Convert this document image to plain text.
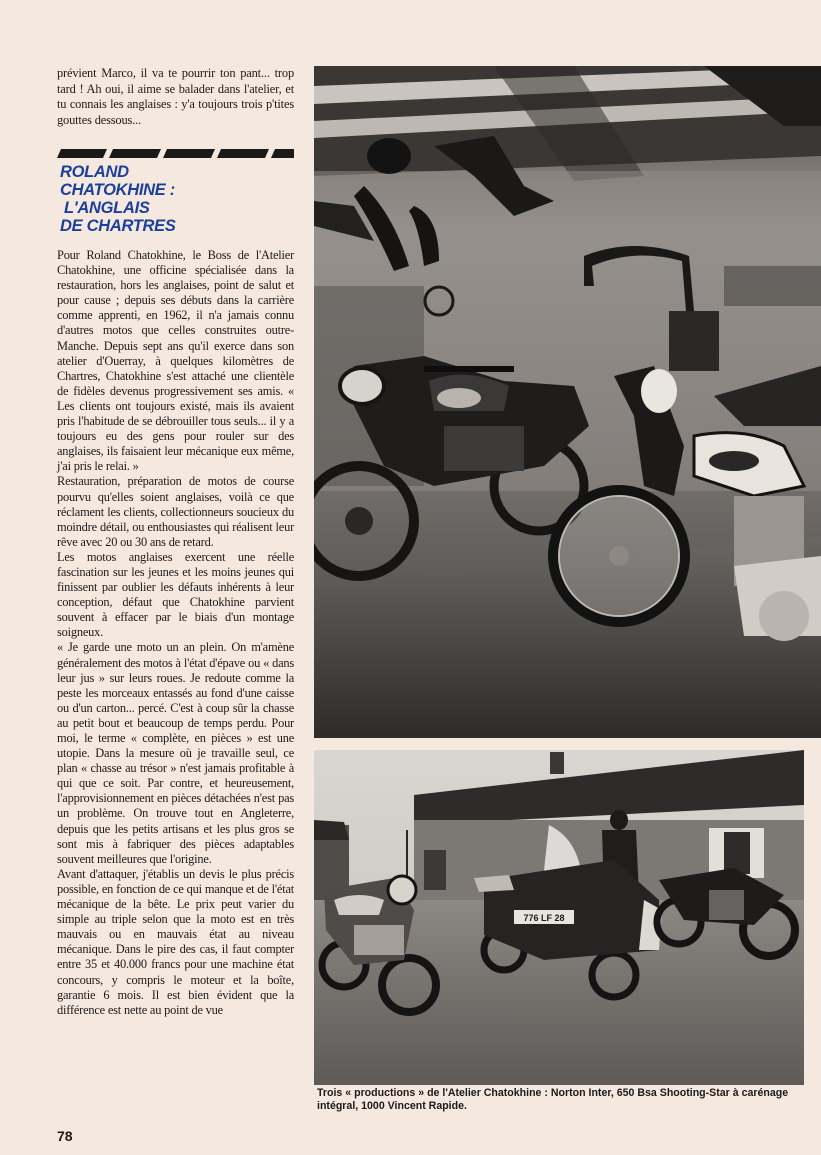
prévient Marco, il va te pourrir ton pant... trop tard ! Ah oui, il aime se balader dans l'atelier, et tu connais les anglaises : y'a toujours trois p'tites gouttes dessous...

ROLAND
CHATOKHINE :
L'ANGLAIS
DE CHARTRES

Pour Roland Chatokhine, le Boss de l'Atelier Chatokhine, une officine spécialisée dans la restauration, hors les anglaises, point de salut et pour cause ; depuis ses débuts dans la carrière comme apprenti, en 1962, il n'a jamais connu d'autres motos que celles construites outre-Manche. Depuis sept ans qu'il exerce dans son atelier d'Ouerray, à quelques kilomètres de Chartres, Chatokhine s'est attaché une clientèle de fidèles devenus progressivement ses amis. « Les clients ont toujours existé, mais ils avaient pris l'habitude de se débrouiller tous seuls... il y a toujours eu des gens pour rouler sur des anglaises, ils faisaient leur mécanique eux même, j'ai pris le relai. »

Restauration, préparation de motos de course pourvu qu'elles soient anglaises, voilà ce que réclament les clients, collectionneurs soucieux du moindre détail, ou enthousiastes qui réalisent leur rêve avec 20 ou 30 ans de retard.

Les motos anglaises exercent une réelle fascination sur les jeunes et les moins jeunes qui finissent par oublier les défauts inhérents à leur conception, défaut que Chatokhine parvient souvent à effacer par le biais d'un montage soigneux.

« Je garde une moto un an plein. On m'amène généralement des motos à l'état d'épave ou « dans leur jus » sur leurs roues. Je redoute comme la peste les morceaux entassés au fond d'une caisse ou d'un carton... percé. C'est à coup sûr la chasse au petit bout et beaucoup de temps perdu. Pour moi, le terme « complète, en pièces » est une utopie. Dans la mesure où je travaille seul, ce plan « chasse au trésor » n'est jamais profitable à qui que ce soit. Par contre, et heureusement, l'approvisionnement en pièces détachées n'est pas un problème. On trouve tout en Angleterre, depuis que les petits artisans et les plus gros se sont mis à fabriquer des pièces adaptables souvent meilleures que l'origine.

Avant d'attaquer, j'établis un devis le plus précis possible, en fonction de ce qui manque et de l'état mécanique de la bête. Le prix peut varier du simple au triple selon que la moto est en très mauvais ou en mauvais état au niveau mécanique. Dans le pire des cas, il faut compter entre 35 et 40.000 francs pour une machine état concours, y compris le moteur et la boîte, garantie 6 mois. Il est bien évident que la différence est nette au point de vue

776 LF 28
Trois « productions » de l'Atelier Chatokhine : Norton Inter, 650 Bsa Shooting-Star à carénage intégral, 1000 Vincent Rapide.
78
